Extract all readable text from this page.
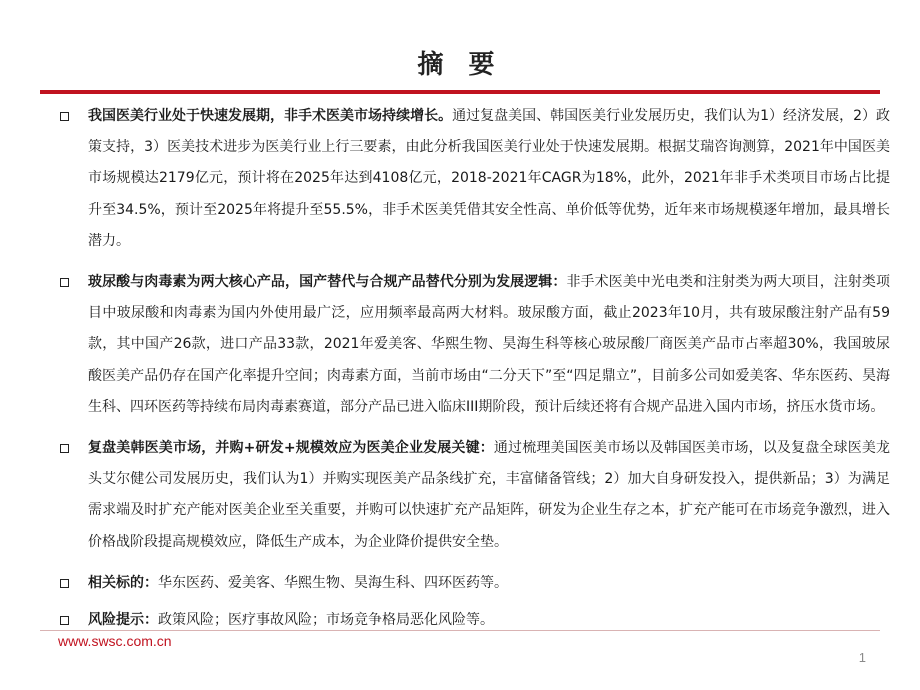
摘 要
我国医美行业处于快速发展期，非手术医美市场持续增长。通过复盘美国、韩国医美行业发展历史，我们认为1）经济发展，2）政策支持，3）医美技术进步为医美行业上行三要素，由此分析我国医美行业处于快速发展期。根据艾瑞咨询测算，2021年中国医美市场规模达2179亿元，预计将在2025年达到4108亿元，2018-2021年CAGR为18%，此外，2021年非手术类项目市场占比提升至34.5%，预计至2025年将提升至55.5%，非手术医美凭借其安全性高、单价低等优势，近年来市场规模逐年增加，最具增长潜力。
玻尿酸与肉毒素为两大核心产品，国产替代与合规产品替代分别为发展逻辑：非手术医美中光电类和注射类为两大项目，注射类项目中玻尿酸和肉毒素为国内外使用最广泛，应用频率最高两大材料。玻尿酸方面，截止2023年10月，共有玻尿酸注射产品有59款，其中国产26款，进口产品33款，2021年爱美客、华熙生物、昊海生科等核心玻尿酸厂商医美产品市占率超30%，我国玻尿酸医美产品仍存在国产化率提升空间；肉毒素方面，当前市场由“二分天下”至“四足鼎立”，目前多公司如爱美客、华东医药、昊海生科、四环医药等持续布局肉毒素赛道，部分产品已进入临床III期阶段，预计后续还将有合规产品进入国内市场，挤压水货市场。
复盘美韩医美市场，并购+研发+规模效应为医美企业发展关键：通过梳理美国医美市场以及韩国医美市场，以及复盘全球医美龙头艾尔健公司发展历史，我们认为1）并购实现医美产品条线扩充，丰富储备管线；2）加大自身研发投入，提供新品；3）为满足需求端及时扩充产能对医美企业至关重要，并购可以快速扩充产品矩阵，研发为企业生存之本，扩充产能可在市场竞争激烈，进入价格战阶段提高规模效应，降低生产成本，为企业降价提供安全垫。
相关标的：华东医药、爱美客、华熙生物、昊海生科、四环医药等。
风险提示：政策风险；医疗事故风险；市场竞争格局恶化风险等。
www.swsc.com.cn
1
